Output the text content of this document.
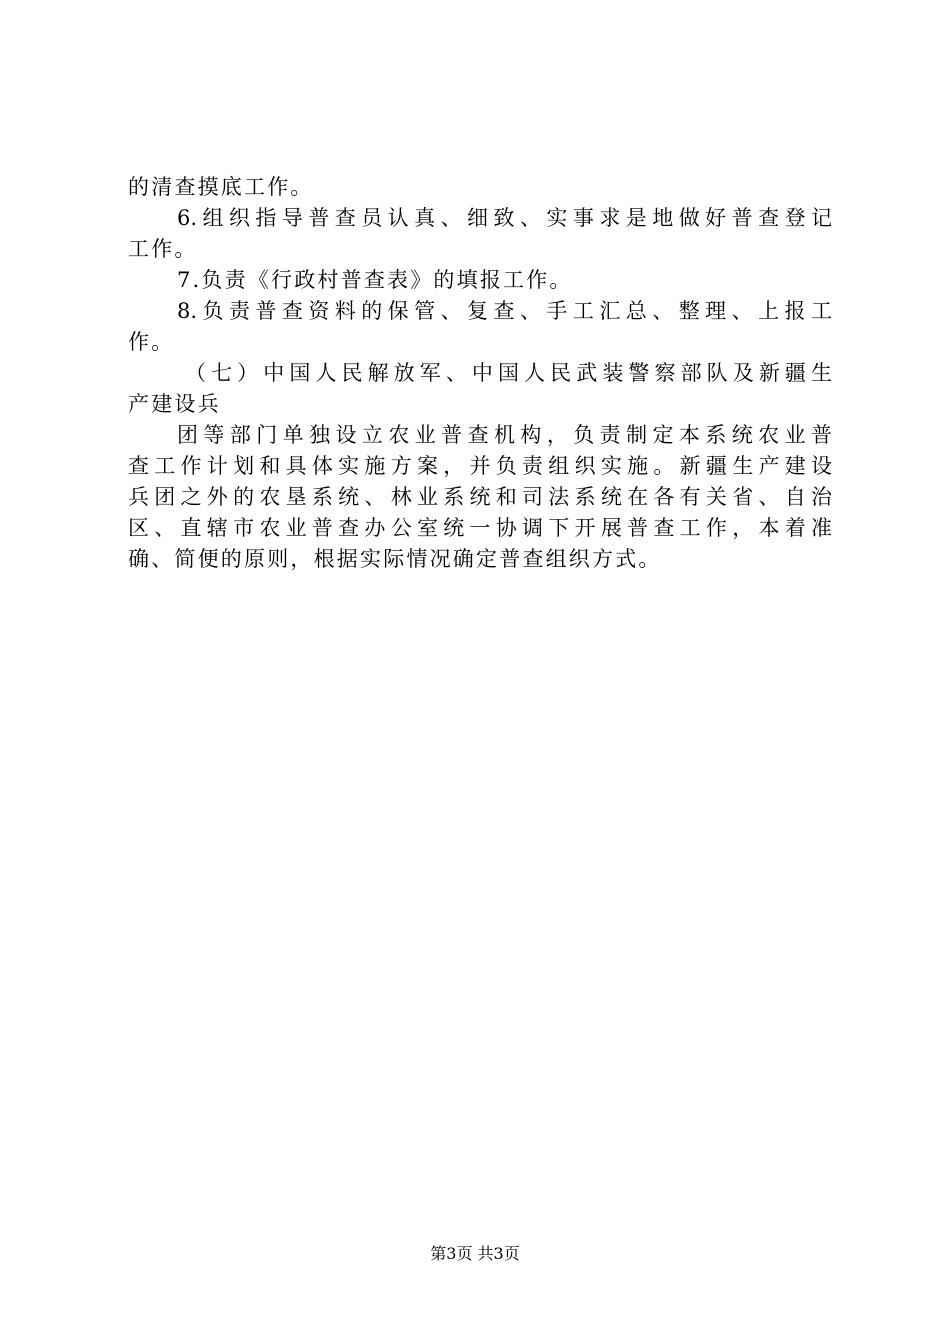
的清查摸底工作。
6.组织指导普查员认真、细致、实事求是地做好普查登记
工作。
7.负责《行政村普查表》的填报工作。
8.负责普查资料的保管、复查、手工汇总、整理、上报工
作。
（七）中国人民解放军、中国人民武装警察部队及新疆生
产建设兵
团等部门单独设立农业普查机构，负责制定本系统农业普
查工作计划和具体实施方案，并负责组织实施。新疆生产建设
兵团之外的农垦系统、林业系统和司法系统在各有关省、自治
区、直辖市农业普查办公室统一协调下开展普查工作，本着准
确、简便的原则，根据实际情况确定普查组织方式。
第3页 共3页
